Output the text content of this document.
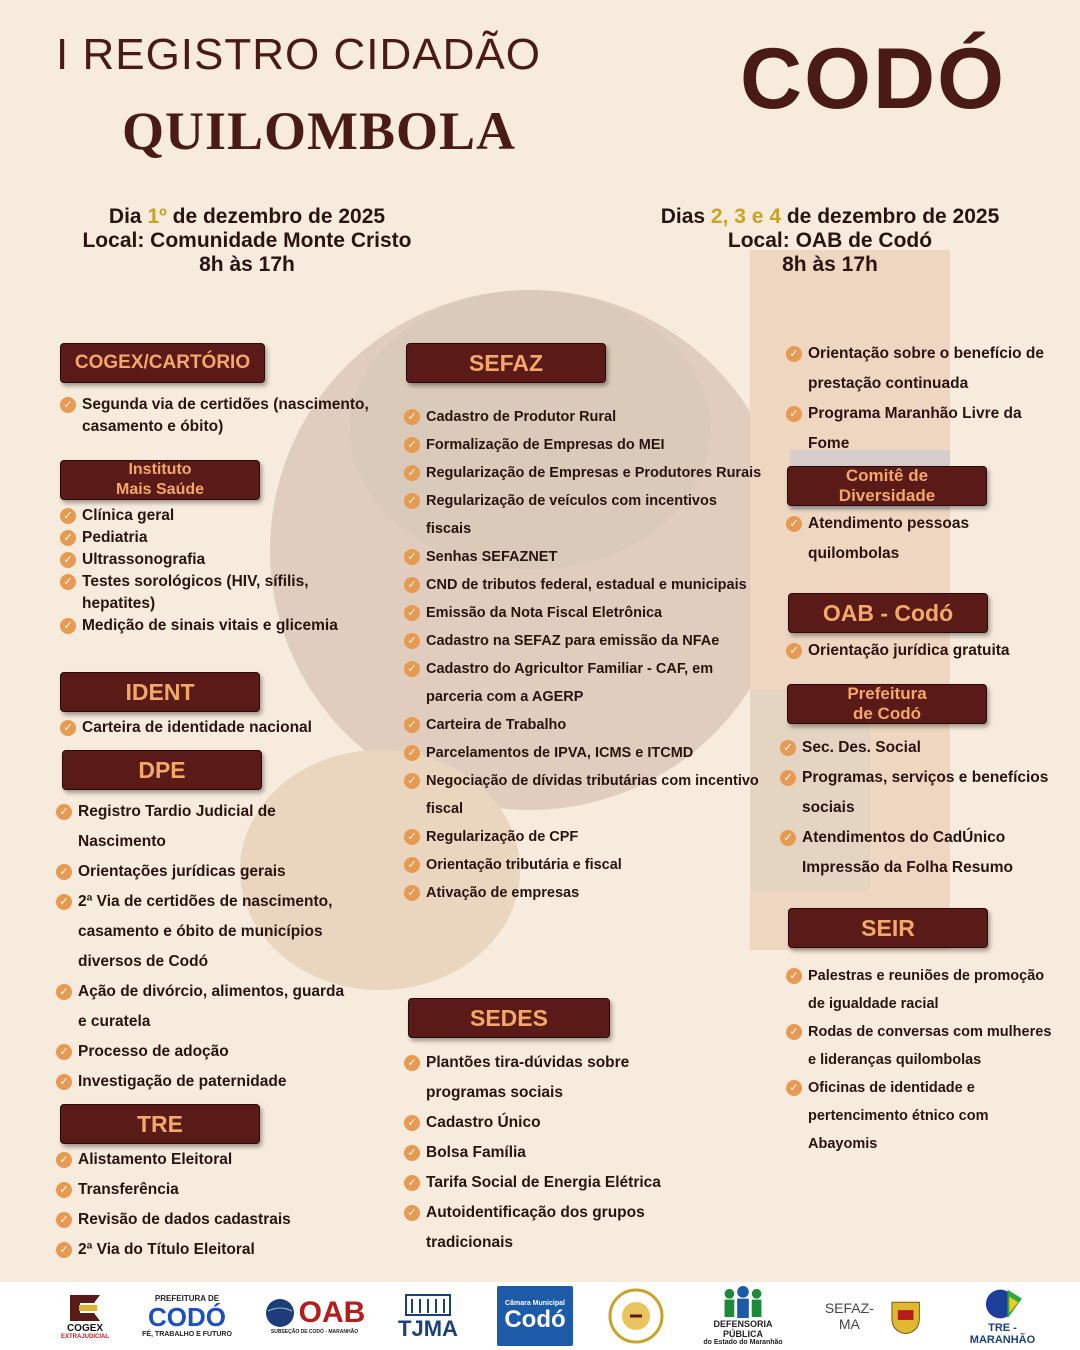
I REGISTRO CIDADÃO
QUILOMBOLA
CODÓ
Dia 1º de dezembro de 2025
Local: Comunidade Monte Cristo
8h às 17h
Dias 2, 3 e 4 de dezembro de 2025
Local: OAB de Codó
8h às 17h
COGEX/CARTÓRIO
✓ Segunda via de certidões (nascimento, casamento e óbito)
Instituto
Mais Saúde
✓ Clínica geral
✓ Pediatria
✓ Ultrassonografia
✓ Testes sorológicos (HIV, sífilis, hepatites)
✓ Medição de sinais vitais e glicemia
IDENT
✓ Carteira de identidade nacional
DPE
✓ Registro Tardio Judicial de Nascimento
✓ Orientações jurídicas gerais
✓ 2ª Via de certidões de nascimento, casamento e óbito de municípios diversos de Codó
✓ Ação de divórcio, alimentos, guarda e curatela
✓ Processo de adoção
✓ Investigação de paternidade
TRE
✓ Alistamento Eleitoral
✓ Transferência
✓ Revisão de dados cadastrais
✓ 2ª Via do Título Eleitoral
SEFAZ
✓ Cadastro de Produtor Rural
✓ Formalização de Empresas do MEI
✓ Regularização de Empresas e Produtores Rurais
✓ Regularização de veículos com incentivos fiscais
✓ Senhas SEFAZNET
✓ CND de tributos federal, estadual e municipais
✓ Emissão da Nota Fiscal Eletrônica
✓ Cadastro na SEFAZ para emissão da NFAe
✓ Cadastro do Agricultor Familiar - CAF, em parceria com a AGERP
✓ Carteira de Trabalho
✓ Parcelamentos de IPVA, ICMS e ITCMD
✓ Negociação de dívidas tributárias com incentivo fiscal
✓ Regularização de CPF
✓ Orientação tributária e fiscal
✓ Ativação de empresas
SEDES
✓ Plantões tira-dúvidas sobre programas sociais
✓ Cadastro Único
✓ Bolsa Família
✓ Tarifa Social de Energia Elétrica
✓ Autoidentificação dos grupos tradicionais
✓ Orientação sobre o benefício de prestação continuada
✓ Programa Maranhão Livre da Fome
Comitê de
Diversidade
✓ Atendimento pessoas quilombolas
OAB - Codó
✓ Orientação jurídica gratuita
Prefeitura
de Codó
✓ Sec. Des. Social
✓ Programas, serviços e benefícios sociais
✓ Atendimentos do CadÚnico
Impressão da Folha Resumo
SEIR
✓ Palestras e reuniões de promoção de igualdade racial
✓ Rodas de conversas com mulheres e lideranças quilombolas
✓ Oficinas de identidade e pertencimento étnico com Abayomis
COGEX
EXTRAJUDICIAL
PREFEITURA DE
CODÓ
FÉ, TRABALHO E FUTURO
OAB
SUBSEÇÃO DE CODÓ - MARANHÃO TJMA
Câmara Municipal
Codó	DEFENSORIA PÚBLICA
do Estado do Maranhão
SEFAZ-MA	TRE - MARANHÃO
